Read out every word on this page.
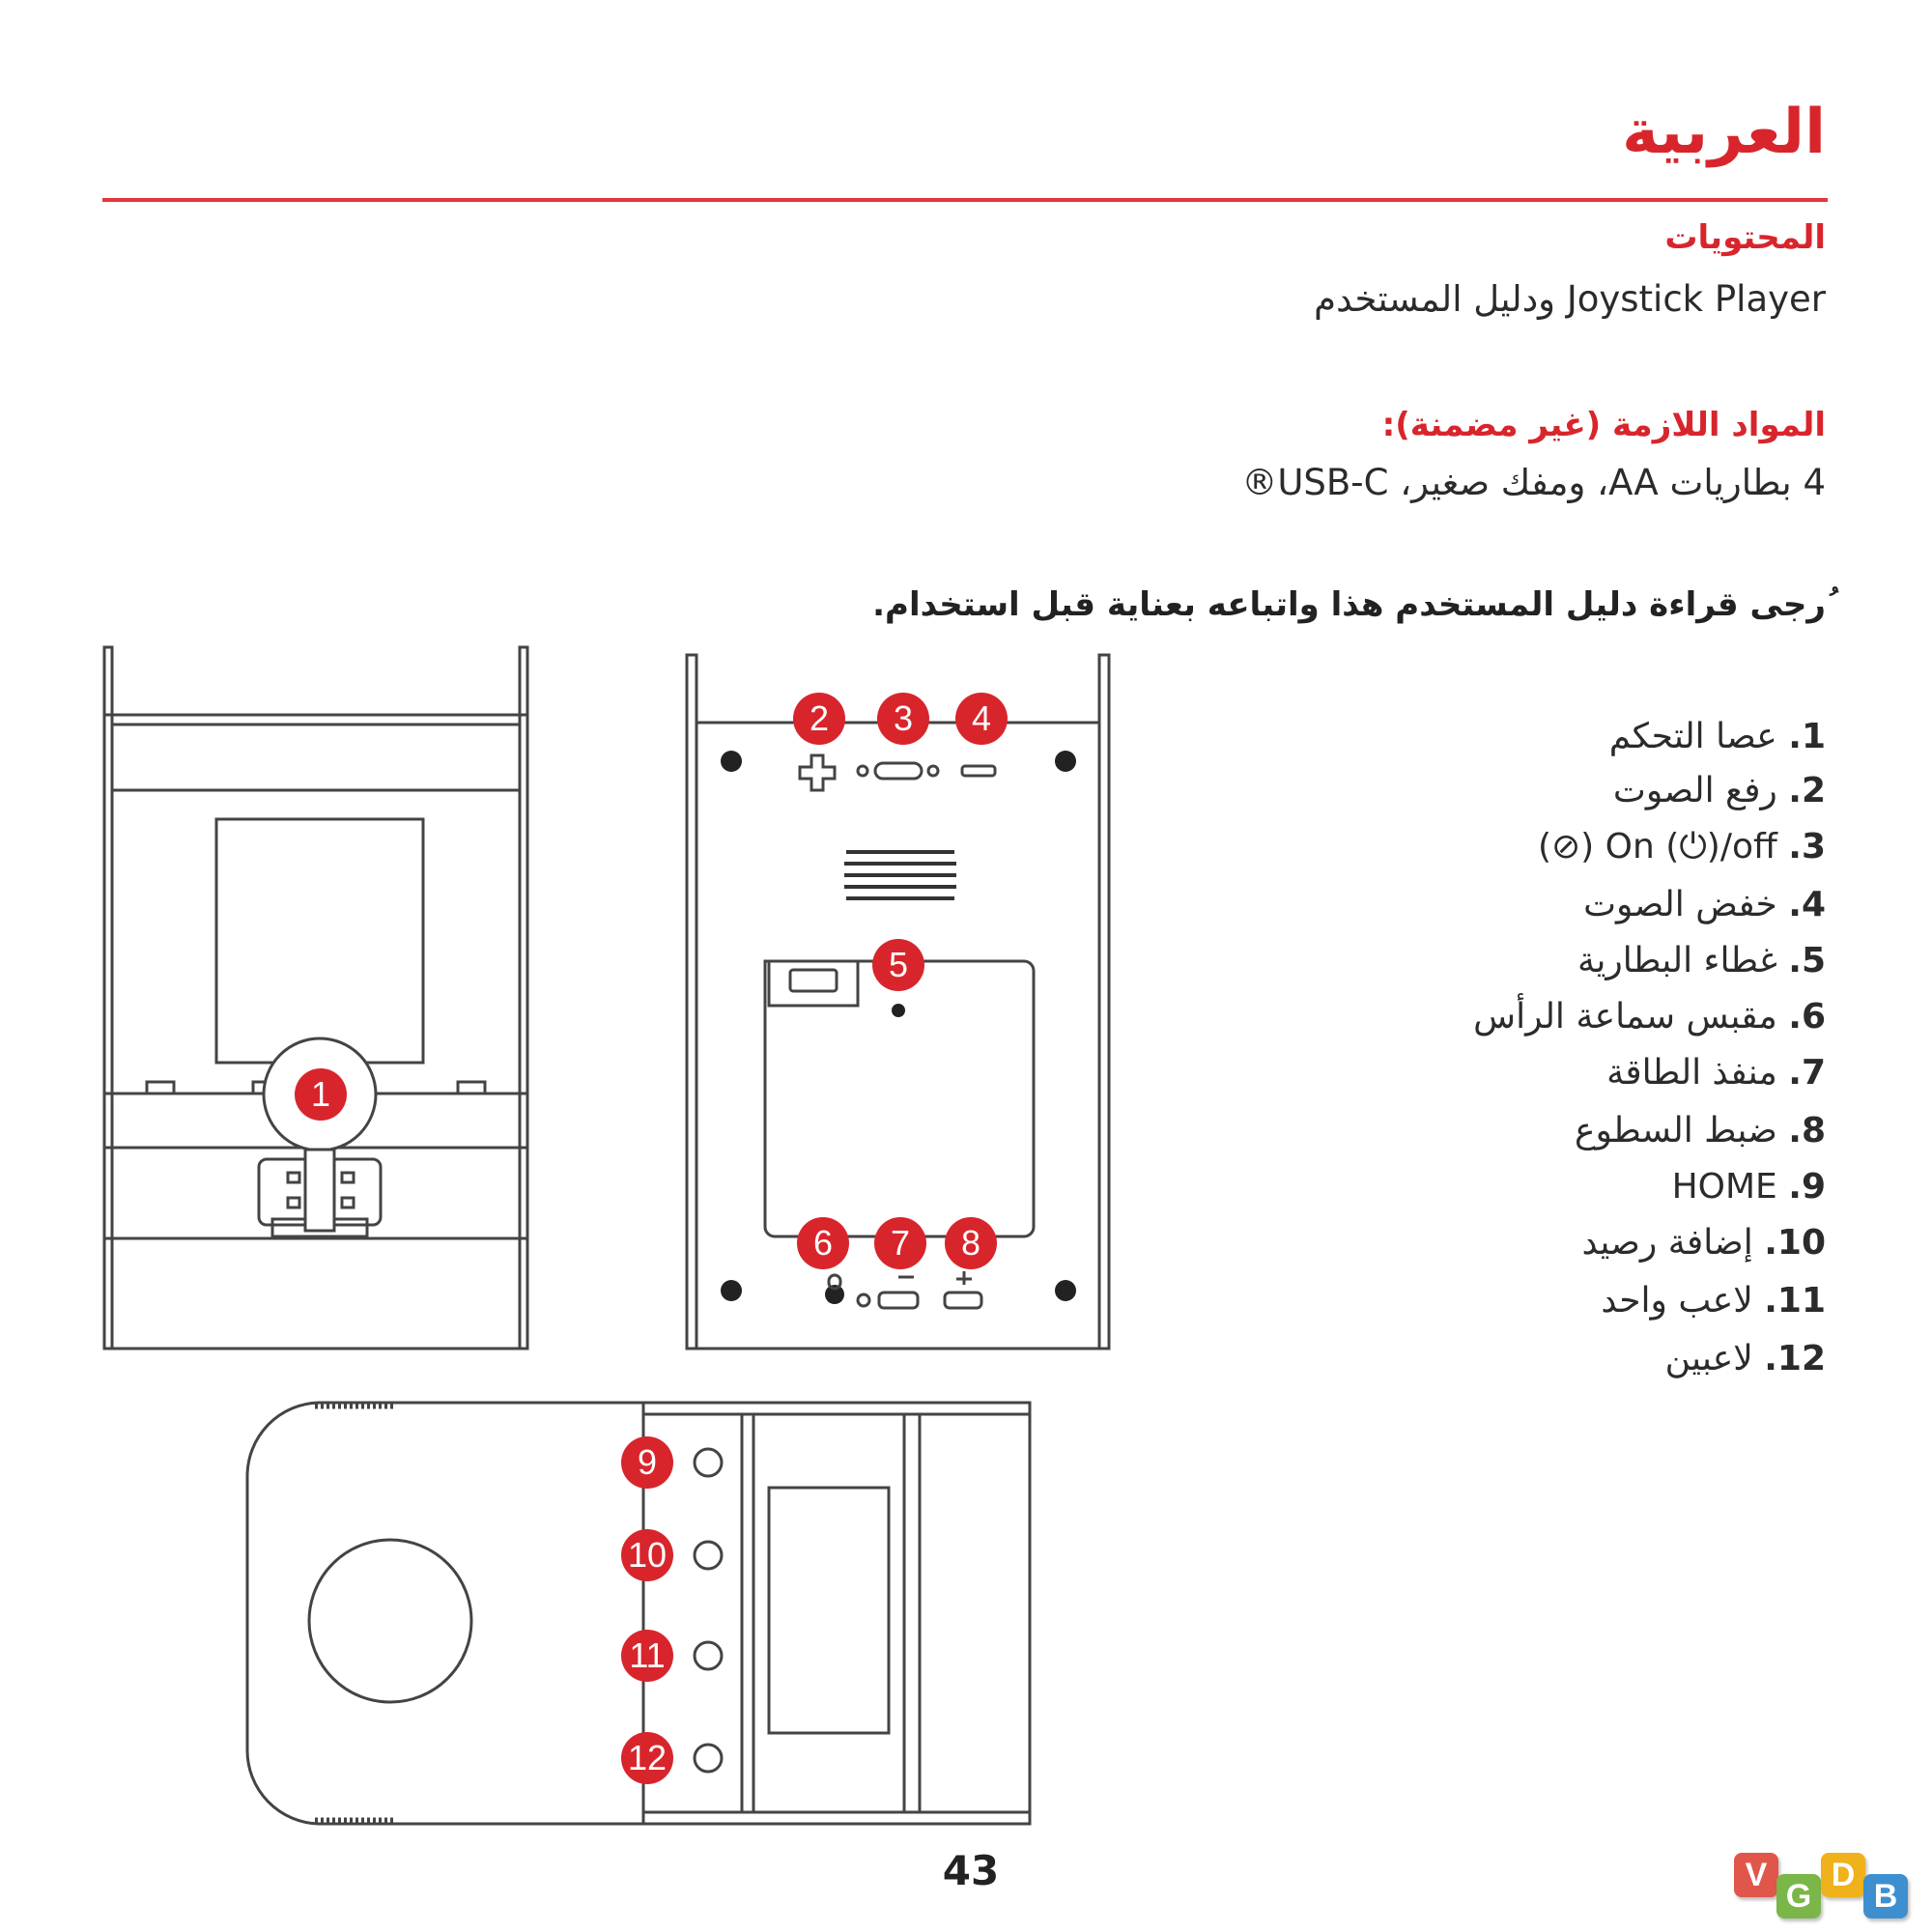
العربية
المحتويات
Joystick Player ودليل المستخدم
المواد اللازمة (غير مضمنة):
4 بطاريات AA، ومفك صغير، USB-C®
ُرجى قراءة دليل المستخدم هذا واتباعه بعناية قبل استخدام.
1. عصا التحكم
2. رفع الصوت
3. On (⏻)/off (⦸)
4. خفض الصوت
5. غطاء البطارية
6. مقبس سماعة الرأس
7. منفذ الطاقة
8. ضبط السطوع
9. HOME
10. إضافة رصيد
11. لاعب واحد
12. لاعبين
1
2	3	4
5
6	7	8
9
10
11
12
43	V
G
D
B
